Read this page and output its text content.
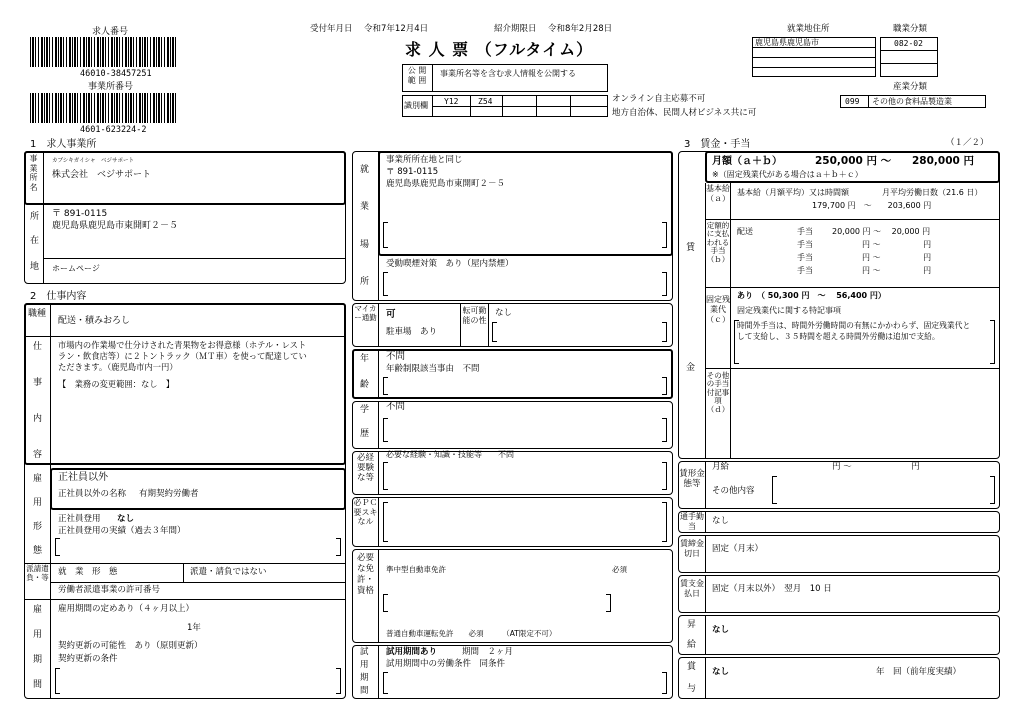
求人番号
46010-38457251
事業所番号
4601-623224-2
受付年月日 令和7年12月4日	紹介期限日 令和8年2月28日
求 人 票 （フルタイム）
公 開 範 囲
事業所名等を含む求人情報を公開する
識別欄 Y12 Z54	オンライン自主応募不可
地方自治体、民間人材ビジネス共に可
就業地住所
鹿児島県鹿児島市
職業分類
082-02
産業分類
099 その他の食料品製造業
1　求人事業所
事業所名
カブシキガイシャ　ベジサポート
株式会社　ベジサポート
所
在
地
〒 891-0115
鹿児島県鹿児島市東開町２－５
ホームページ
2　仕事内容
職種
配送・積みおろし
仕
事
内
容
市場内の作業場で仕分けされた青果物をお得意様（ホテル・レスト
ラン・飲食店等）に２トントラック（ＭＴ車）を使って配達してい
ただきます。（鹿児島市内一円）
【　業務の変更範囲：なし　】
雇
用
形
態
正社員以外
正社員以外の名称 有期契約労働者
正社員登用 なし
正社員登用の実績（過去３年間）
派請遣負・等
就　業　形　態	派遣・請負ではない
労働者派遣事業の許可番号
雇
用
期
間
雇用期間の定めあり（４ヶ月以上）
1年
契約更新の可能性　あり（原則更新）
契約更新の条件
就
業
場
所
事業所所在地と同じ
〒 891-0115
鹿児島県鹿児島市東開町２－５
受動喫煙対策　あり（屋内禁煙）
マイカー通勤 可
駐車場　あり
転可勤能の性
なし
年
齢
不問
年齢制限該当事由　不問
学
歴
不問
必経要験な等
必要な経験・知識・技能等　　不問
必ＰＣ要スキなル
必要な免許・資格
準中型自動車免許	必須
普通自動車運転免許　　必須　　　（AT限定不可）
試
用
期
間
試用期間あり	期間　２ヶ月
試用期間中の労働条件　同条件
3　賃金・手当	（１／２）
賃
金
月額（ａ＋ｂ）	250,000 円 〜 280,000 円
※（固定残業代がある場合はａ＋ｂ＋ｃ）
基本給（ａ）
基本給（月額平均）又は時間額	月平均労働日数（21.6 日）
179,700 円　〜　　203,600 円
定額的に支払われる手当（ｂ）
配送	手当 20,000 円 〜　 20,000 円
手当	円 〜　　　　　 円
手当	円 〜　　　　　 円
手当	円 〜　　　　　 円
固定残業代（ｃ）
あり　（ 50,300 円　〜　 56,400 円）
固定残業代に関する特記事項
時間外手当は、時間外労働時間の有無にかかわらず、固定残業代と
して支給し、３５時間を超える時間外労働は追加で支給。
その他の手当付記事項（ｄ）
賃形金態等
月給	円 〜　　　　　　　円
その他内容
通手勤当
なし
賃締金切日	固定（月末）
賃支金払日	固定（月末以外）　翌月　10 日
昇
給
なし
賞
与
なし	年　回（前年度実績）
